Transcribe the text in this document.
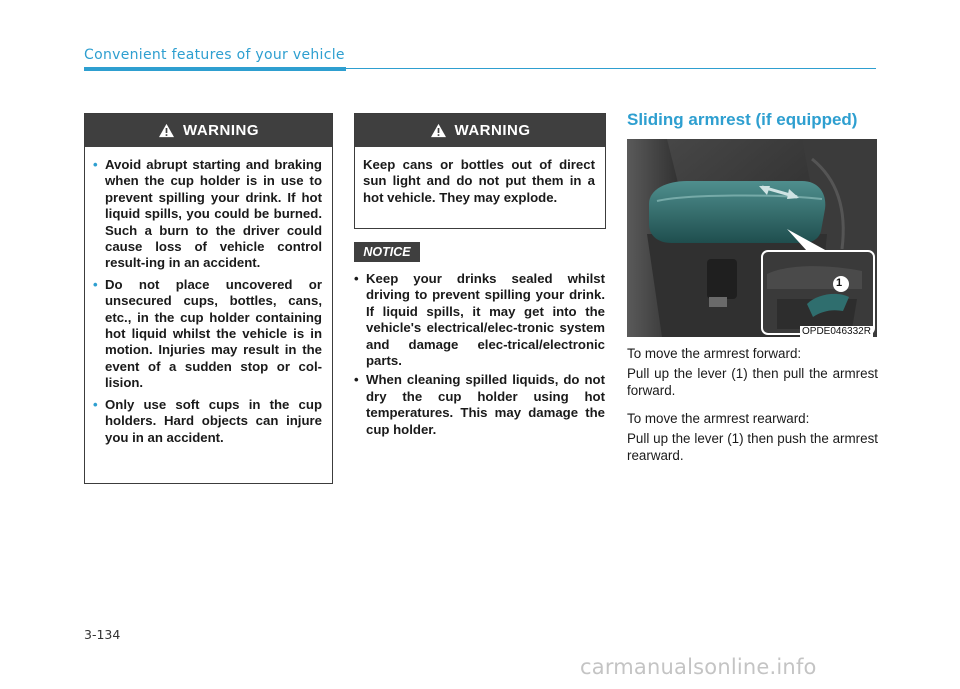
Convenient features of your vehicle
WARNING
• Avoid abrupt starting and braking when the cup holder is in use to prevent spilling your drink. If hot liquid spills, you could be burned. Such a burn to the driver could cause loss of vehicle control result-ing in an accident.
• Do not place uncovered or unsecured cups, bottles, cans, etc., in the cup holder containing hot liquid whilst the vehicle is in motion. Injuries may result in the event of a sudden stop or col-lision.
• Only use soft cups in the cup holders. Hard objects can injure you in an accident.
WARNING

Keep cans or bottles out of direct sun light and do not put them in a hot vehicle. They may explode.

NOTICE
• Keep your drinks sealed whilst driving to prevent spilling your drink. If liquid spills, it may get into the vehicle's electrical/elec-tronic system and damage elec-trical/electronic parts.
• When cleaning spilled liquids, do not dry the cup holder using hot temperatures. This may damage the cup holder.
Sliding armrest (if equipped)
1
OPDE046332R

To move the armrest forward:

Pull up the lever (1) then pull the armrest forward.

To move the armrest rearward:

Pull up the lever (1) then push the armrest rearward.

3-134
carmanualsonline.info
